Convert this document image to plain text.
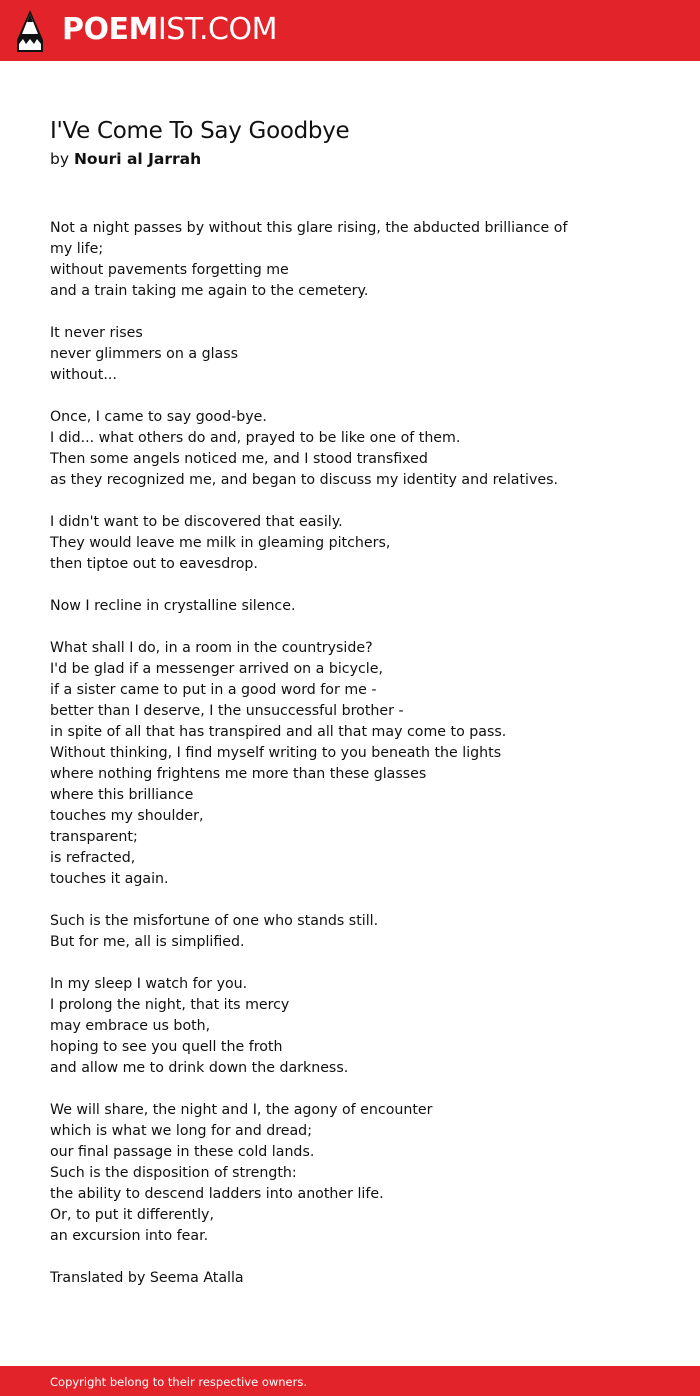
POEMIST.COM
I'Ve Come To Say Goodbye
by Nouri al Jarrah
Not a night passes by without this glare rising, the abducted brilliance of
my life;
without pavements forgetting me
and a train taking me again to the cemetery.
It never rises
never glimmers on a glass
without...
Once, I came to say good-bye.
I did... what others do and, prayed to be like one of them.
Then some angels noticed me, and I stood transfixed
as they recognized me, and began to discuss my identity and relatives.
I didn't want to be discovered that easily.
They would leave me milk in gleaming pitchers,
then tiptoe out to eavesdrop.
Now I recline in crystalline silence.
What shall I do, in a room in the countryside?
I'd be glad if a messenger arrived on a bicycle,
if a sister came to put in a good word for me -
better than I deserve, I the unsuccessful brother -
in spite of all that has transpired and all that may come to pass.
Without thinking, I find myself writing to you beneath the lights
where nothing frightens me more than these glasses
where this brilliance
touches my shoulder,
transparent;
is refracted,
touches it again.
Such is the misfortune of one who stands still.
But for me, all is simplified.
In my sleep I watch for you.
I prolong the night, that its mercy
may embrace us both,
hoping to see you quell the froth
and allow me to drink down the darkness.
We will share, the night and I, the agony of encounter
which is what we long for and dread;
our final passage in these cold lands.
Such is the disposition of strength:
the ability to descend ladders into another life.
Or, to put it differently,
an excursion into fear.
Translated by Seema Atalla
Copyright belong to their respective owners.
